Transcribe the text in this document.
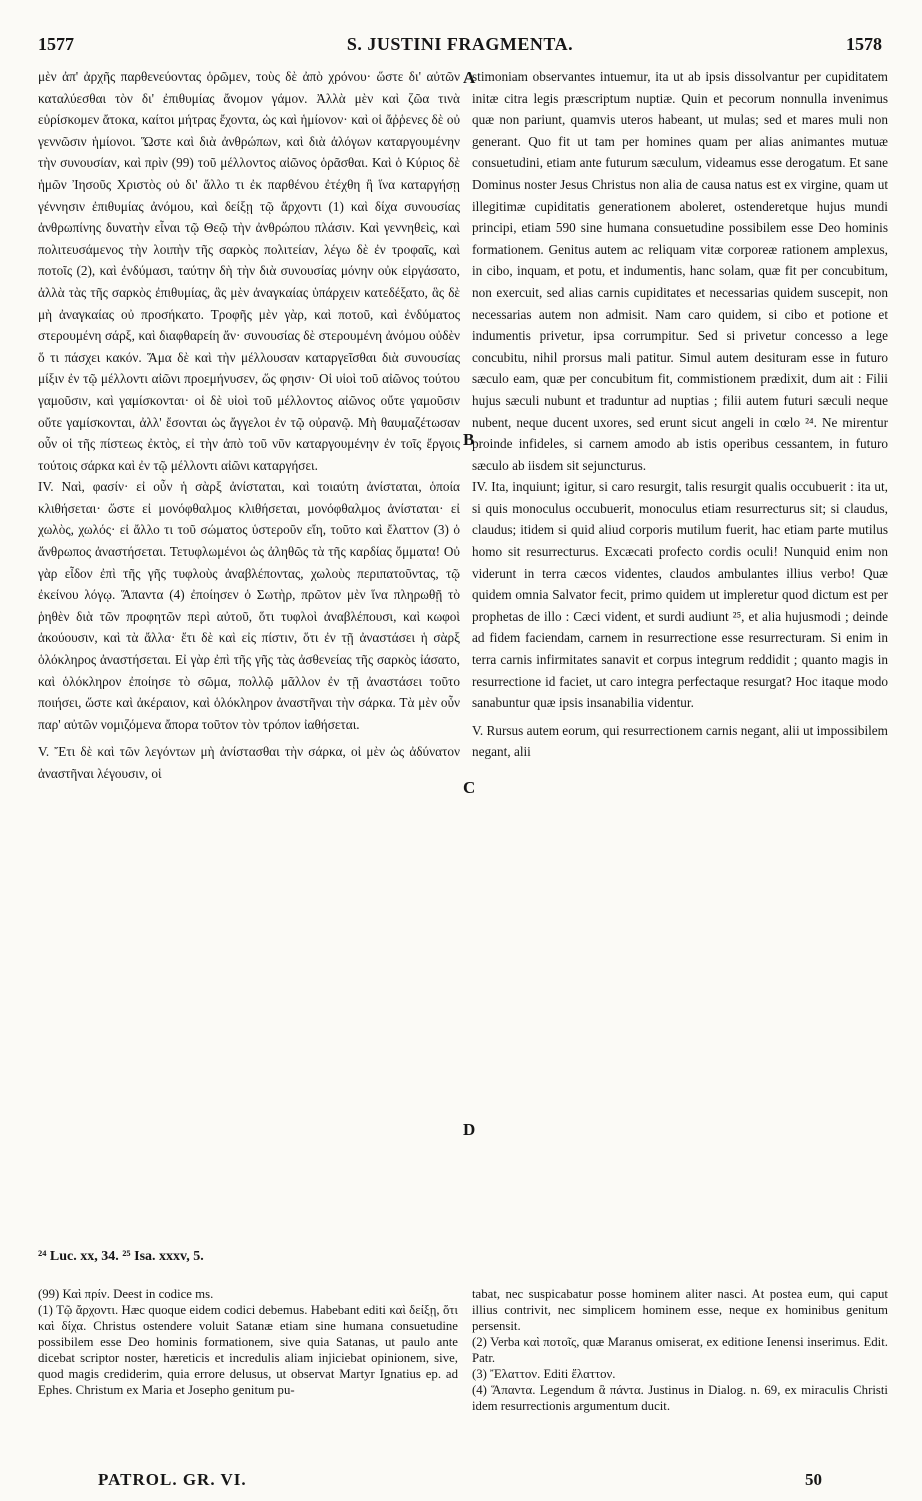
1577	S. JUSTINI FRAGMENTA.	1578

μὲν ἀπ' ἀρχῆς παρθενεύοντας ὁρῶμεν, τοὺς δὲ ἀπὸ χρόνου· ὥστε δι' αὐτῶν καταλύεσθαι τὸν δι' ἐπιθυμίας ἄνομον γάμον. Ἀλλὰ μὲν καὶ ζῶα τινὰ εὑρίσκομεν ἄτοκα, καίτοι μήτρας ἔχοντα, ὡς καὶ ἡμίονον· καὶ οἱ ἄῤῥενες δὲ οὐ γεννῶσιν ἡμίονοι. Ὥστε καὶ διὰ ἀνθρώπων, καὶ διὰ ἀλόγων καταργουμένην τὴν συνουσίαν, καὶ πρὶν (99) τοῦ μέλλοντος αἰῶνος ὁρᾶσθαι. Καὶ ὁ Κύριος δὲ ἡμῶν Ἰησοῦς Χριστὸς οὐ δι' ἄλλο τι ἐκ παρθένου ἐτέχθη ἢ ἵνα καταργήσῃ γέννησιν ἐπιθυμίας ἀνόμου, καὶ δείξῃ τῷ ἄρχοντι (1) καὶ δίχα συνουσίας ἀνθρωπίνης δυνατὴν εἶναι τῷ Θεῷ τὴν ἀνθρώπου πλάσιν. Καὶ γεννηθεὶς, καὶ πολιτευσάμενος τὴν λοιπὴν τῆς σαρκὸς πολιτείαν, λέγω δὲ ἐν τροφαῖς, καὶ ποτοῖς (2), καὶ ἐνδύμασι, ταύτην δὴ τὴν διὰ συνουσίας μόνην οὐκ εἰργάσατο, ἀλλὰ τὰς τῆς σαρκὸς ἐπιθυμίας, ἃς μὲν ἀναγκαίας ὑπάρχειν κατεδέξατο, ἃς δὲ μὴ ἀναγκαίας οὐ προσήκατο. Τροφῆς μὲν γὰρ, καὶ ποτοῦ, καὶ ἐνδύματος στερουμένη σάρξ, καὶ διαφθαρείη ἄν· συνουσίας δὲ στερουμένη ἀνόμου οὐδὲν ὅ τι πάσχει κακόν. Ἅμα δὲ καὶ τὴν μέλλουσαν καταργεῖσθαι διὰ συνουσίας μίξιν ἐν τῷ μέλλοντι αἰῶνι προεμήνυσεν, ὥς φησιν· Οἱ υἱοὶ τοῦ αἰῶνος τούτου γαμοῦσιν, καὶ γαμίσκονται· οἱ δὲ υἱοὶ τοῦ μέλλοντος αἰῶνος οὔτε γαμοῦσιν οὔτε γαμίσκονται, ἀλλ' ἔσονται ὡς ἄγγελοι ἐν τῷ οὐρανῷ. Μὴ θαυμαζέτωσαν οὖν οἱ τῆς πίστεως ἐκτὸς, εἰ τὴν ἀπὸ τοῦ νῦν καταργουμένην ἐν τοῖς ἔργοις τούτοις σάρκα καὶ ἐν τῷ μέλλοντι αἰῶνι καταργήσει.

IV. Ναὶ, φασίν· εἰ οὖν ἡ σὰρξ ἀνίσταται, καὶ τοιαύτη ἀνίσταται, ὁποία κλιθήσεται· ὥστε εἰ μονόφθαλμος κλιθήσεται, μονόφθαλμος ἀνίσταται· εἰ χωλὸς, χωλός· εἰ ἄλλο τι τοῦ σώματος ὑστεροῦν εἴη, τοῦτο καὶ ἔλαττον (3) ὁ ἄνθρωπος ἀναστήσεται. Τετυφλωμένοι ὡς ἀληθῶς τὰ τῆς καρδίας ὄμματα! Οὐ γὰρ εἶδον ἐπὶ τῆς γῆς τυφλοὺς ἀναβλέποντας, χωλοὺς περιπατοῦντας, τῷ ἐκείνου λόγῳ. Ἅπαντα (4) ἐποίησεν ὁ Σωτὴρ, πρῶτον μὲν ἵνα πληρωθῇ τὸ ῥηθὲν διὰ τῶν προφητῶν περὶ αὐτοῦ, ὅτι τυφλοὶ ἀναβλέπουσι, καὶ κωφοὶ ἀκούουσιν, καὶ τὰ ἄλλα· ἔτι δὲ καὶ εἰς πίστιν, ὅτι ἐν τῇ ἀναστάσει ἡ σὰρξ ὁλόκληρος ἀναστήσεται. Εἰ γὰρ ἐπὶ τῆς γῆς τὰς ἀσθενείας τῆς σαρκὸς ἰάσατο, καὶ ὁλόκληρον ἐποίησε τὸ σῶμα, πολλῷ μᾶλλον ἐν τῇ ἀναστάσει τοῦτο ποιήσει, ὥστε καὶ ἀκέραιον, καὶ ὁλόκληρον ἀναστῆναι τὴν σάρκα. Τὰ μὲν οὖν παρ' αὐτῶν νομιζόμενα ἄπορα τοῦτον τὸν τρόπον ἰαθήσεται.

V. Ἔτι δὲ καὶ τῶν λεγόντων μὴ ἀνίστασθαι τὴν σάρκα, οἱ μὲν ὡς ἀδύνατον ἀναστῆναι λέγουσιν, οἱ

A
B
C
D

stimoniam observantes intuemur, ita ut ab ipsis dissolvantur per cupiditatem initæ citra legis præscriptum nuptiæ. Quin et pecorum nonnulla invenimus quæ non pariunt, quamvis uteros habeant, ut mulas; sed et mares muli non generant. Quo fit ut tam per homines quam per alias animantes mutuæ consuetudini, etiam ante futurum sæculum, videamus esse derogatum. Et sane Dominus noster Jesus Christus non alia de causa natus est ex virgine, quam ut illegitimæ cupiditatis generationem aboleret, ostenderetque hujus mundi principi, etiam 590 sine humana consuetudine possibilem esse Deo hominis formationem. Genitus autem ac reliquam vitæ corporeæ rationem amplexus, in cibo, inquam, et potu, et indumentis, hanc solam, quæ fit per concubitum, non exercuit, sed alias carnis cupiditates et necessarias quidem suscepit, non necessarias autem non admisit. Nam caro quidem, si cibo et potione et indumentis privetur, ipsa corrumpitur. Sed si privetur concesso a lege concubitu, nihil prorsus mali patitur. Simul autem desituram esse in futuro sæculo eam, quæ per concubitum fit, commistionem prædixit, dum ait : Filii hujus sæculi nubunt et traduntur ad nuptias ; filii autem futuri sæculi neque nubent, neque ducent uxores, sed erunt sicut angeli in cœlo ²⁴. Ne mirentur proinde infideles, si carnem amodo ab istis operibus cessantem, in futuro sæculo ab iisdem sit sejuncturus.

IV. Ita, inquiunt; igitur, si caro resurgit, talis resurgit qualis occubuerit : ita ut, si quis monoculus occubuerit, monoculus etiam resurrecturus sit; si claudus, claudus; itidem si quid aliud corporis mutilum fuerit, hac etiam parte mutilus homo sit resurrecturus. Excæcati profecto cordis oculi! Nunquid enim non viderunt in terra cæcos videntes, claudos ambulantes illius verbo! Quæ quidem omnia Salvator fecit, primo quidem ut impleretur quod dictum est per prophetas de illo : Cæci vident, et surdi audiunt ²⁵, et alia hujusmodi ; deinde ad fidem faciendam, carnem in resurrectione esse resurrecturam. Si enim in terra carnis infirmitates sanavit et corpus integrum reddidit ; quanto magis in resurrectione id faciet, ut caro integra perfectaque resurgat? Hoc itaque modo sanabuntur quæ ipsis insanabilia videntur.

V. Rursus autem eorum, qui resurrectionem carnis negant, alii ut impossibilem negant, alii

²⁴ Luc. xx, 34. ²⁵ Isa. xxxv, 5.

(99) Καὶ πρίν. Deest in codice ms.

(1) Τῷ ἄρχοντι. Hæc quoque eidem codici debemus. Habebant editi καὶ δείξῃ, ὅτι καὶ δίχα. Christus ostendere voluit Satanæ etiam sine humana consuetudine possibilem esse Deo hominis formationem, sive quia Satanas, ut paulo ante dicebat scriptor noster, hæreticis et incredulis aliam injiciebat opinionem, sive, quod magis crediderim, quia errore delusus, ut observat Martyr Ignatius ep. ad Ephes. Christum ex Maria et Josepho genitum pu-

tabat, nec suspicabatur posse hominem aliter nasci. At postea eum, qui caput illius contrivit, nec simplicem hominem esse, neque ex hominibus genitum persensit.

(2) Verba καὶ ποτοῖς, quæ Maranus omiserat, ex editione Ienensi inserimus. Edit. Patr.

(3) Ἔλαττον. Editi ἔλαττον.

(4) Ἅπαντα. Legendum ἃ πάντα. Justinus in Dialog. n. 69, ex miraculis Christi idem resurrectionis argumentum ducit.

PATROL. GR. VI.	50
